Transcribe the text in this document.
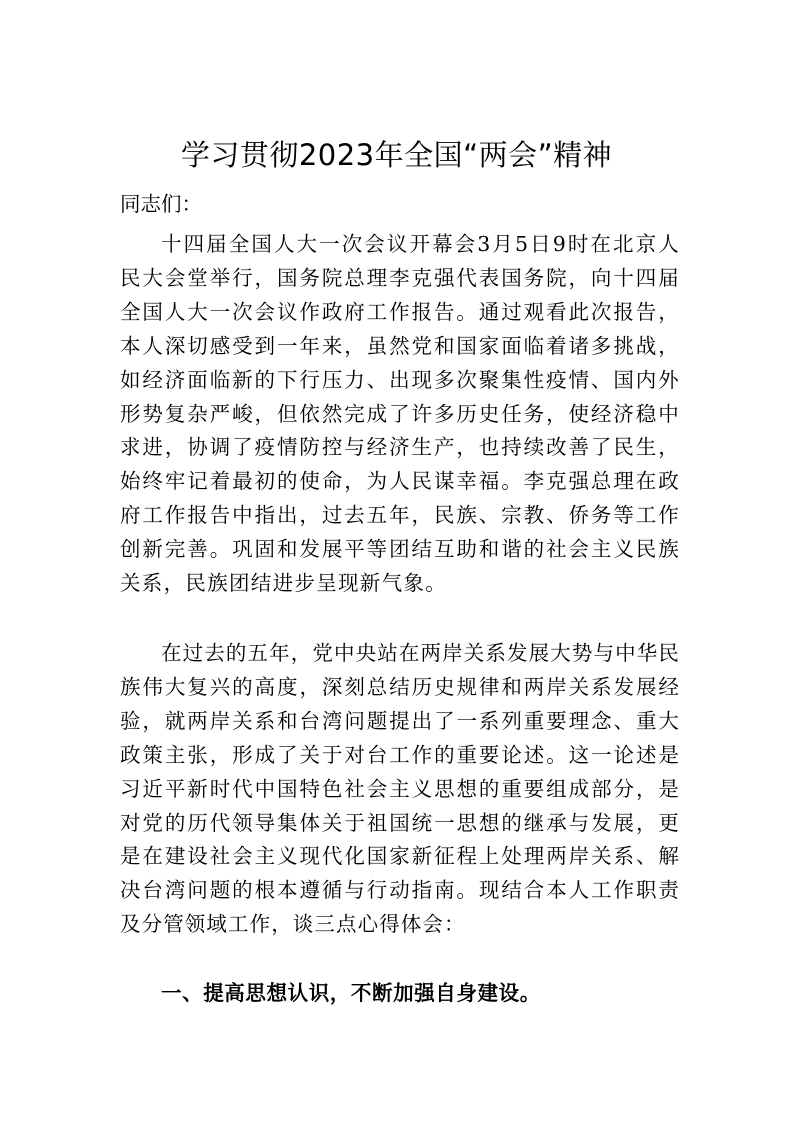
学习贯彻2023年全国“两会”精神

同志们：

十四届全国人大一次会议开幕会3月5日9时在北京人民大会堂举行，国务院总理李克强代表国务院，向十四届全国人大一次会议作政府工作报告。通过观看此次报告，本人深切感受到一年来，虽然党和国家面临着诸多挑战，如经济面临新的下行压力、出现多次聚集性疫情、国内外形势复杂严峻，但依然完成了许多历史任务，使经济稳中求进，协调了疫情防控与经济生产，也持续改善了民生，始终牢记着最初的使命，为人民谋幸福。李克强总理在政府工作报告中指出，过去五年，民族、宗教、侨务等工作创新完善。巩固和发展平等团结互助和谐的社会主义民族关系，民族团结进步呈现新气象。

在过去的五年，党中央站在两岸关系发展大势与中华民族伟大复兴的高度，深刻总结历史规律和两岸关系发展经验，就两岸关系和台湾问题提出了一系列重要理念、重大政策主张，形成了关于对台工作的重要论述。这一论述是习近平新时代中国特色社会主义思想的重要组成部分，是对党的历代领导集体关于祖国统一思想的继承与发展，更是在建设社会主义现代化国家新征程上处理两岸关系、解决台湾问题的根本遵循与行动指南。现结合本人工作职责及分管领域工作，谈三点心得体会：

一、提高思想认识，不断加强自身建设。
